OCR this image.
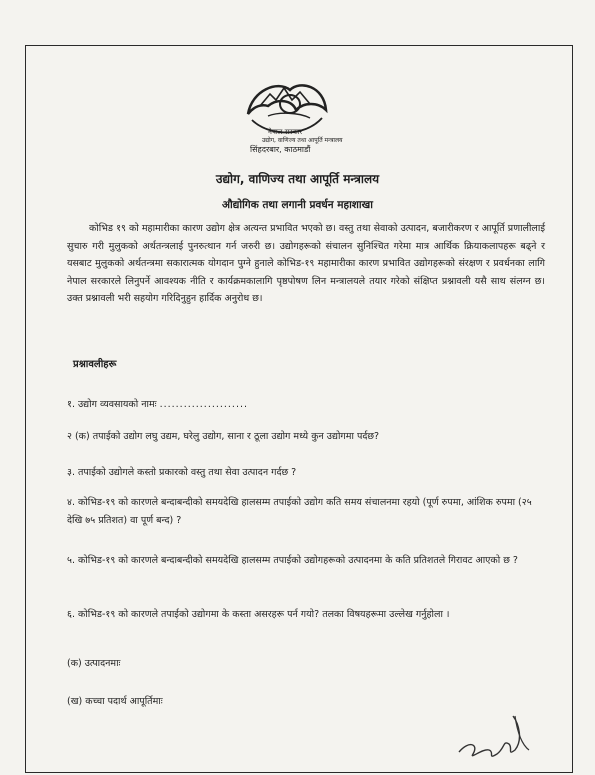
नेपाल सरकार
उद्योग, वाणिज्य तथा आपूर्ति मन्त्रालय
सिंहदरबार, काठमाडौं
उद्योग, वाणिज्य तथा आपूर्ति मन्त्रालय
औद्योगिक तथा लगानी प्रवर्धन महाशाखा

कोभिड १९ को महामारीका कारण उद्योग क्षेत्र अत्यन्त प्रभावित भएको छ। वस्तु तथा सेवाको उत्पादन, बजारीकरण र आपूर्ति प्रणालीलाई सुचारु गरी मुलुकको अर्थतन्त्रलाई पुनरुत्थान गर्न जरुरी छ। उद्योगहरूको संचालन सुनिश्चित गरेमा मात्र आर्थिक क्रियाकलापहरू बढ्ने र यसबाट मुलुकको अर्थतन्त्रमा सकारात्मक योगदान पुग्ने हुनाले कोभिड-१९ महामारीका कारण प्रभावित उद्योगहरूको संरक्षण र प्रवर्धनका लागि नेपाल सरकारले लिनुपर्ने आवश्यक नीति र कार्यक्रमकालागि पृष्ठपोषण लिन मन्त्रालयले तयार गरेको संक्षिप्त प्रश्नावली यसै साथ संलग्न छ। उक्त प्रश्नावली भरी सहयोग गरिदिनुहुन हार्दिक अनुरोध छ।

प्रश्नावलीहरू
१. उद्योग व्यवसायको नामः ......................
२ (क) तपाईको उद्योग लघु उद्यम, घरेलु उद्योग, साना र ठूला उद्योग मध्ये कुन उद्योगमा पर्दछ?
३. तपाईको उद्योगले कस्तो प्रकारको वस्तु तथा सेवा उत्पादन गर्दछ ?
४. कोभिड-१९ को कारणले बन्दाबन्दीको समयदेखि हालसम्म तपाईको उद्योग कति समय संचालनमा रहयो (पूर्ण रुपमा, आंशिक रुपमा (२५ देखि ७५ प्रतिशत) वा पूर्ण बन्द) ?
५. कोभिड-१९ को कारणले बन्दाबन्दीको समयदेखि हालसम्म तपाईको उद्योगहरूको उत्पादनमा के कति प्रतिशतले गिरावट आएको छ ?
६. कोभिड-१९ को कारणले तपाईको उद्योगमा के कस्ता असरहरू पर्न गयो? तलका विषयहरूमा उल्लेख गर्नुहोला ।
(क) उत्पादनमाः
(ख) कच्चा पदार्थ आपूर्तिमाः
